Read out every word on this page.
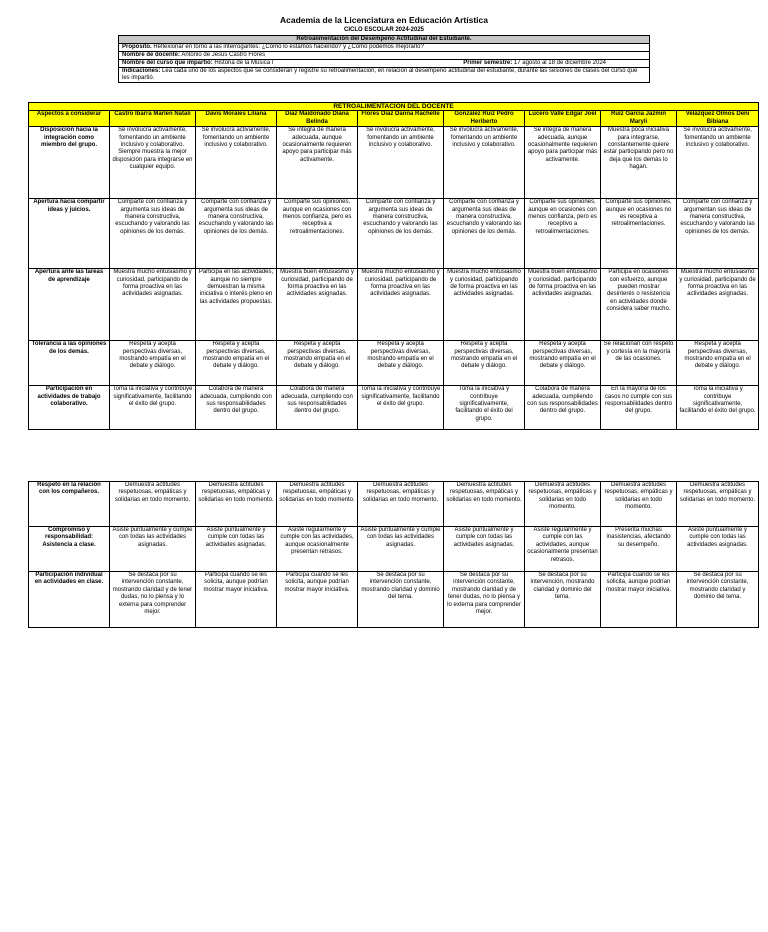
Academia de la Licenciatura en Educación Artística
CICLO ESCOLAR 2024-2025
Retroalimentación del Desempeño Actitudinal del Estudiante.
Propósito. Reflexionar en torno a las interrogantes: ¿Cómo lo estamos haciendo? y ¿Cómo podemos mejorarlo?
Nombre de docente: Antonio de Jesús Castro Flores
Nombre del curso que impartio: Historia de la Música I	Primer semestre: 17 agosto al 18 de diciembre 2024

Indicaciones: Lea cada uno de los aspectos que se consideran y registre su retroalimentación, en relación al desempeño actitudinal del estudiante, durante las sesiones de clases del curso que les impartió.
RETROALIMENTACIÓN DEL DOCENTE								
Aspectos a considerar	Castro Ibarra Marlen Natali	Davis Morales Liliana	Díaz Maldonado Diana Belinda	Flores Díaz Danna Rachelle	González Ruiz Pedro Heriberto	Lucero Valle Edgar Joel	Ruiz García Jazmín Maryli	Velázquez Olmos Deni Bibiana
Disposición hacia la integración como miembro del grupo.	Se involucra activamente, fomentando un ambiente inclusivo y colaborativo. Siempre muestra la mejor disposición para integrarse en cualquier equipo.	Se involucra activamente, fomentando un ambiente inclusivo y colaborativo.	Se integra de manera adecuada, aunque ocasionalmente requieren apoyo para participar más activamente.	Se involucra activamente, fomentando un ambiente inclusivo y colaborativo.	Se involucra activamente, fomentando un ambiente inclusivo y colaborativo.	Se integra de manera adecuada, aunque ocasionalmente requieren apoyo para participar más activamente.	Muestra poca iniciativa para integrarse, constantemente quiere estar participando pero no deja que los demás lo hagan.	Se involucra activamente, fomentando un ambiente inclusivo y colaborativo.
Apertura hacia compartir ideas y juicios.	Comparte con confianza y argumenta sus ideas de manera constructiva, escuchando y valorando las opiniones de los demás.	Comparte con confianza y argumenta sus ideas de manera constructiva, escuchando y valorando las opiniones de los demás.	Comparte sus opiniones, aunque en ocasiones con menos confianza, pero es receptiva a retroalimentaciones.	Comparte con confianza y argumenta sus ideas de manera constructiva, escuchando y valorando las opiniones de los demás.	Comparte con confianza y argumenta sus ideas de manera constructiva, escuchando y valorando las opiniones de los demás.	Comparte sus opiniones, aunque en ocasiones con menos confianza, pero es receptivo a retroalimentaciones.	Comparte sus opiniones, aunque en ocasiones no es receptiva a retroalimentaciones.	Comparte con confianza y argumentan sus ideas de manera constructiva, escuchando y valorando las opiniones de los demás.
Apertura ante las tareas de aprendizaje	Muestra mucho entusiasmo y curiosidad, participando de forma proactiva en las actividades asignadas.	Participa en las actividades, aunque no siempre demuestran la misma iniciativa o interés pleno en las actividades propuestas.	Muestra buen entusiasmo y curiosidad, participando de forma proactiva en las actividades asignadas.	Muestra mucho entusiasmo y curiosidad, participando de forma proactiva en las actividades asignadas.	Muestra mucho entusiasmo y curiosidad, participando de forma proactiva en las actividades asignadas.	Muestra buen entusiasmo y curiosidad, participando de forma proactiva en las actividades asignadas.	Participa en ocasiones con esfuerzo, aunque pueden mostrar desinterés o resistencia en actividades donde considera saber mucho.	Muestra mucho entusiasmo y curiosidad, participando de forma proactiva en las actividades asignadas.
Tolerancia a las opiniones de los demás.	Respeta y acepta perspectivas diversas, mostrando empatía en el debate y diálogo.	Respeta y acepta perspectivas diversas, mostrando empatía en el debate y diálogo.	Respeta y acepta perspectivas diversas, mostrando empatía en el debate y diálogo.	Respeta y acepta perspectivas diversas, mostrando empatía en el debate y diálogo.	Respeta y acepta perspectivas diversas, mostrando empatía en el debate y diálogo.	Respeta y acepta perspectivas diversas, mostrando empatía en el debate y diálogo.	Se relacionan con respeto y cortesía en la mayoría de las ocasiones.	Respeta y acepta perspectivas diversas, mostrando empatía en el debate y diálogo.
Participación en actividades de trabajo colaborativo.	Toma la iniciativa y contribuye significativamente, facilitando el éxito del grupo.	Colabora de manera adecuada, cumpliendo con sus responsabilidades dentro del grupo.	Colabora de manera adecuada, cumpliendo con sus responsabilidades dentro del grupo.	Toma la iniciativa y contribuye significativamente, facilitando el éxito del grupo.	Toma la iniciativa y contribuye significativamente, facilitando el éxito del grupo.	Colabora de manera adecuada, cumpliendo con sus responsabilidades dentro del grupo.	En la mayoría de los casos no cumple con sus responsabilidades dentro del grupo.	Toma la iniciativa y contribuye significativamente, facilitando el éxito del grupo.
Respeto en la relación con los compañeros.	Demuestra actitudes respetuosas, empáticas y solidarias en todo momento.	Demuestra actitudes respetuosas, empáticas y solidarias en todo momento.	Demuestra actitudes respetuosas, empáticas y solidarias en todo momento.	Demuestra actitudes respetuosas, empáticas y solidarias en todo momento.	Demuestra actitudes respetuosas, empáticas y solidarias en todo momento.	Demuestra actitudes respetuosas, empáticas y solidarias en todo momento.	Demuestra actitudes respetuosas, empáticas y solidarias en todo momento.	Demuestra actitudes respetuosas, empáticas y solidarias en todo momento.
Compromiso y responsabilidad: Asistencia a clase.	Asiste puntualmente y cumple con todas las actividades asignadas.	Asiste puntualmente y cumple con todas las actividades asignadas.	Asiste regularmente y cumple con las actividades, aunque ocasionalmente presentan retrasos.	Asiste puntualmente y cumple con todas las actividades asignadas.	Asiste puntualmente y cumple con todas las actividades asignadas.	Asiste regularmente y cumple con las actividades, aunque ocasionalmente presentan retrasos.	Presenta muchas inasistencias, afectando su desempeño.	Asiste puntualmente y cumple con todas las actividades asignadas.
Participación individual en actividades en clase.	Se destaca por su intervención constante, mostrando claridad y de tener dudas, no lo piensa y lo externa para comprender mejor.	Participa cuando se les solicita, aunque podrían mostrar mayor iniciativa.	Participa cuando se les solicita, aunque podrían mostrar mayor iniciativa.	Se destaca por su intervención constante, mostrando claridad y dominio del tema.	Se destaca por su intervención constante, mostrando claridad y de tener dudas, no lo piensa y lo externa para comprender mejor.	Se destaca por su intervención, mostrando claridad y dominio del tema.	Participa cuando se les solicita, aunque podrían mostrar mayor iniciativa.	Se destaca por su intervención constante, mostrando claridad y dominio del tema.
